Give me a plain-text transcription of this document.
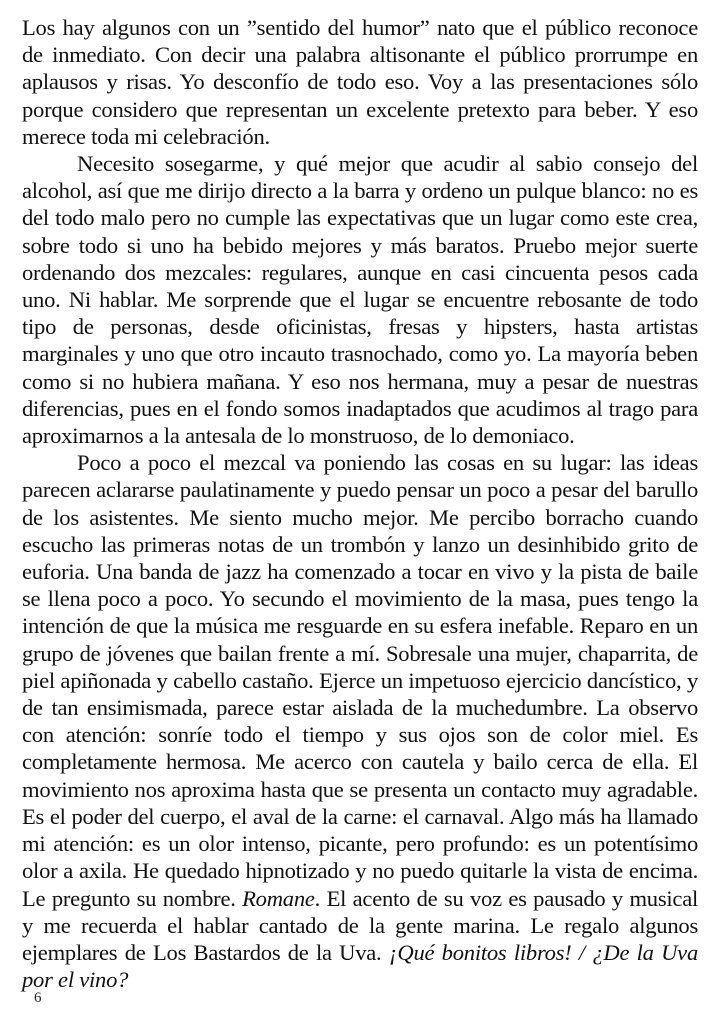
Los hay algunos con un ”sentido del humor” nato que el público reconoce de inmediato. Con decir una palabra altisonante el público prorrumpe en aplausos y risas. Yo desconfío de todo eso. Voy a las presentaciones sólo porque considero que representan un excelente pretexto para beber. Y eso merece toda mi celebración.

Necesito sosegarme, y qué mejor que acudir al sabio consejo del alcohol, así que me dirijo directo a la barra y ordeno un pulque blanco: no es del todo malo pero no cumple las expectativas que un lugar como este crea, sobre todo si uno ha bebido mejores y más baratos. Pruebo mejor suerte ordenando dos mezcales: regulares, aunque en casi cincuenta pesos cada uno. Ni hablar. Me sorprende que el lugar se encuentre rebosante de todo tipo de personas, desde oficinistas, fresas y hipsters, hasta artistas marginales y uno que otro incauto trasnochado, como yo. La mayoría beben como si no hubiera mañana. Y eso nos hermana, muy a pesar de nuestras diferencias, pues en el fondo somos inadaptados que acudimos al trago para aproximarnos a la antesala de lo monstruoso, de lo demoniaco.

Poco a poco el mezcal va poniendo las cosas en su lugar: las ideas parecen aclararse paulatinamente y puedo pensar un poco a pesar del barullo de los asistentes. Me siento mucho mejor. Me percibo borracho cuando escucho las primeras notas de un trombón y lanzo un desinhibido grito de euforia. Una banda de jazz ha comenzado a tocar en vivo y la pista de baile se llena poco a poco. Yo secundo el movimiento de la masa, pues tengo la intención de que la música me resguarde en su esfera inefable. Reparo en un grupo de jóvenes que bailan frente a mí. Sobresale una mujer, chaparrita, de piel apiñonada y cabello castaño. Ejerce un impetuoso ejercicio dancístico, y de tan ensimismada, parece estar aislada de la muchedumbre. La observo con atención: sonríe todo el tiempo y sus ojos son de color miel. Es completamente hermosa. Me acerco con cautela y bailo cerca de ella. El movimiento nos aproxima hasta que se presenta un contacto muy agradable. Es el poder del cuerpo, el aval de la carne: el carnaval. Algo más ha llamado mi atención: es un olor intenso, picante, pero profundo: es un potentísimo olor a axila. He quedado hipnotizado y no puedo quitarle la vista de encima. Le pregunto su nombre. Romane. El acento de su voz es pausado y musical y me recuerda el hablar cantado de la gente marina. Le regalo algunos ejemplares de Los Bastardos de la Uva. ¡Qué bonitos libros! / ¿De la Uva por el vino?

6
